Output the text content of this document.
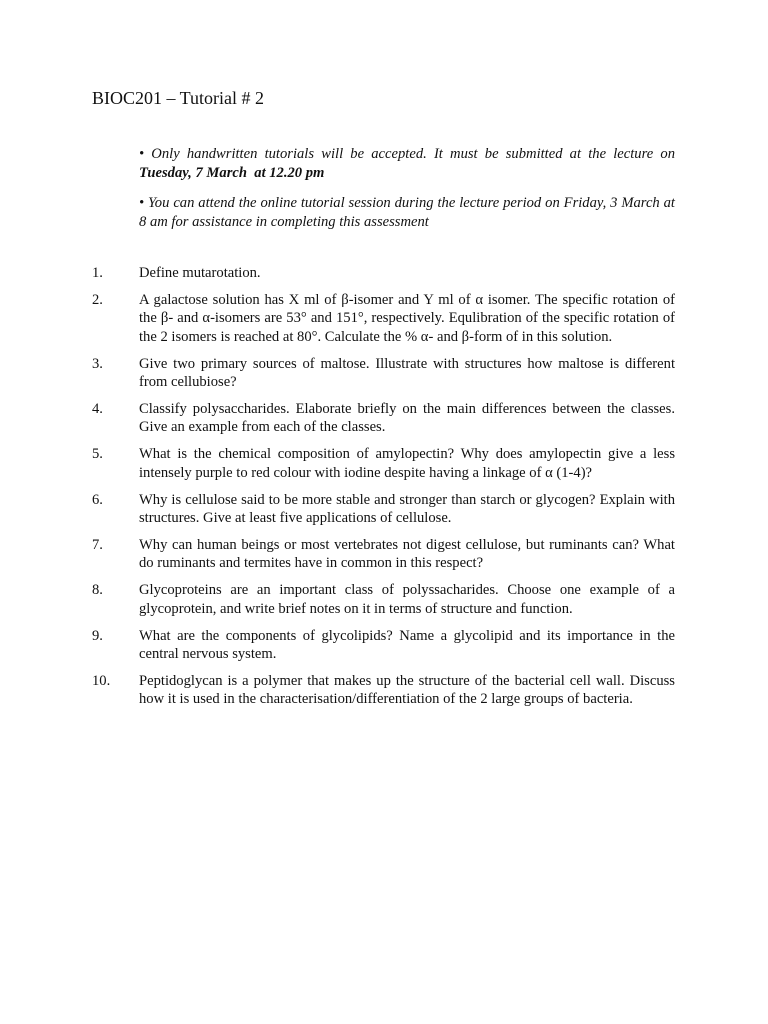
BIOC201 – Tutorial # 2

• Only handwritten tutorials will be accepted. It must be submitted at the lecture on Tuesday, 7 March at 12.20 pm

• You can attend the online tutorial session during the lecture period on Friday, 3 March at 8 am for assistance in completing this assessment

1.	Define mutarotation.
2.	A galactose solution has X ml of β-isomer and Y ml of α isomer. The specific rotation of the β- and α-isomers are 53° and 151°, respectively. Equlibration of the specific rotation of the 2 isomers is reached at 80°. Calculate the % α- and β-form of in this solution.
3.	Give two primary sources of maltose. Illustrate with structures how maltose is different from cellubiose?
4.	Classify polysaccharides. Elaborate briefly on the main differences between the classes. Give an example from each of the classes.
5.	What is the chemical composition of amylopectin? Why does amylopectin give a less intensely purple to red colour with iodine despite having a linkage of α (1-4)?
6.	Why is cellulose said to be more stable and stronger than starch or glycogen? Explain with structures. Give at least five applications of cellulose.
7.	Why can human beings or most vertebrates not digest cellulose, but ruminants can? What do ruminants and termites have in common in this respect?
8.	Glycoproteins are an important class of polyssacharides. Choose one example of a glycoprotein, and write brief notes on it in terms of structure and function.
9.	What are the components of glycolipids? Name a glycolipid and its importance in the central nervous system.
10.	Peptidoglycan is a polymer that makes up the structure of the bacterial cell wall. Discuss how it is used in the characterisation/differentiation of the 2 large groups of bacteria.
